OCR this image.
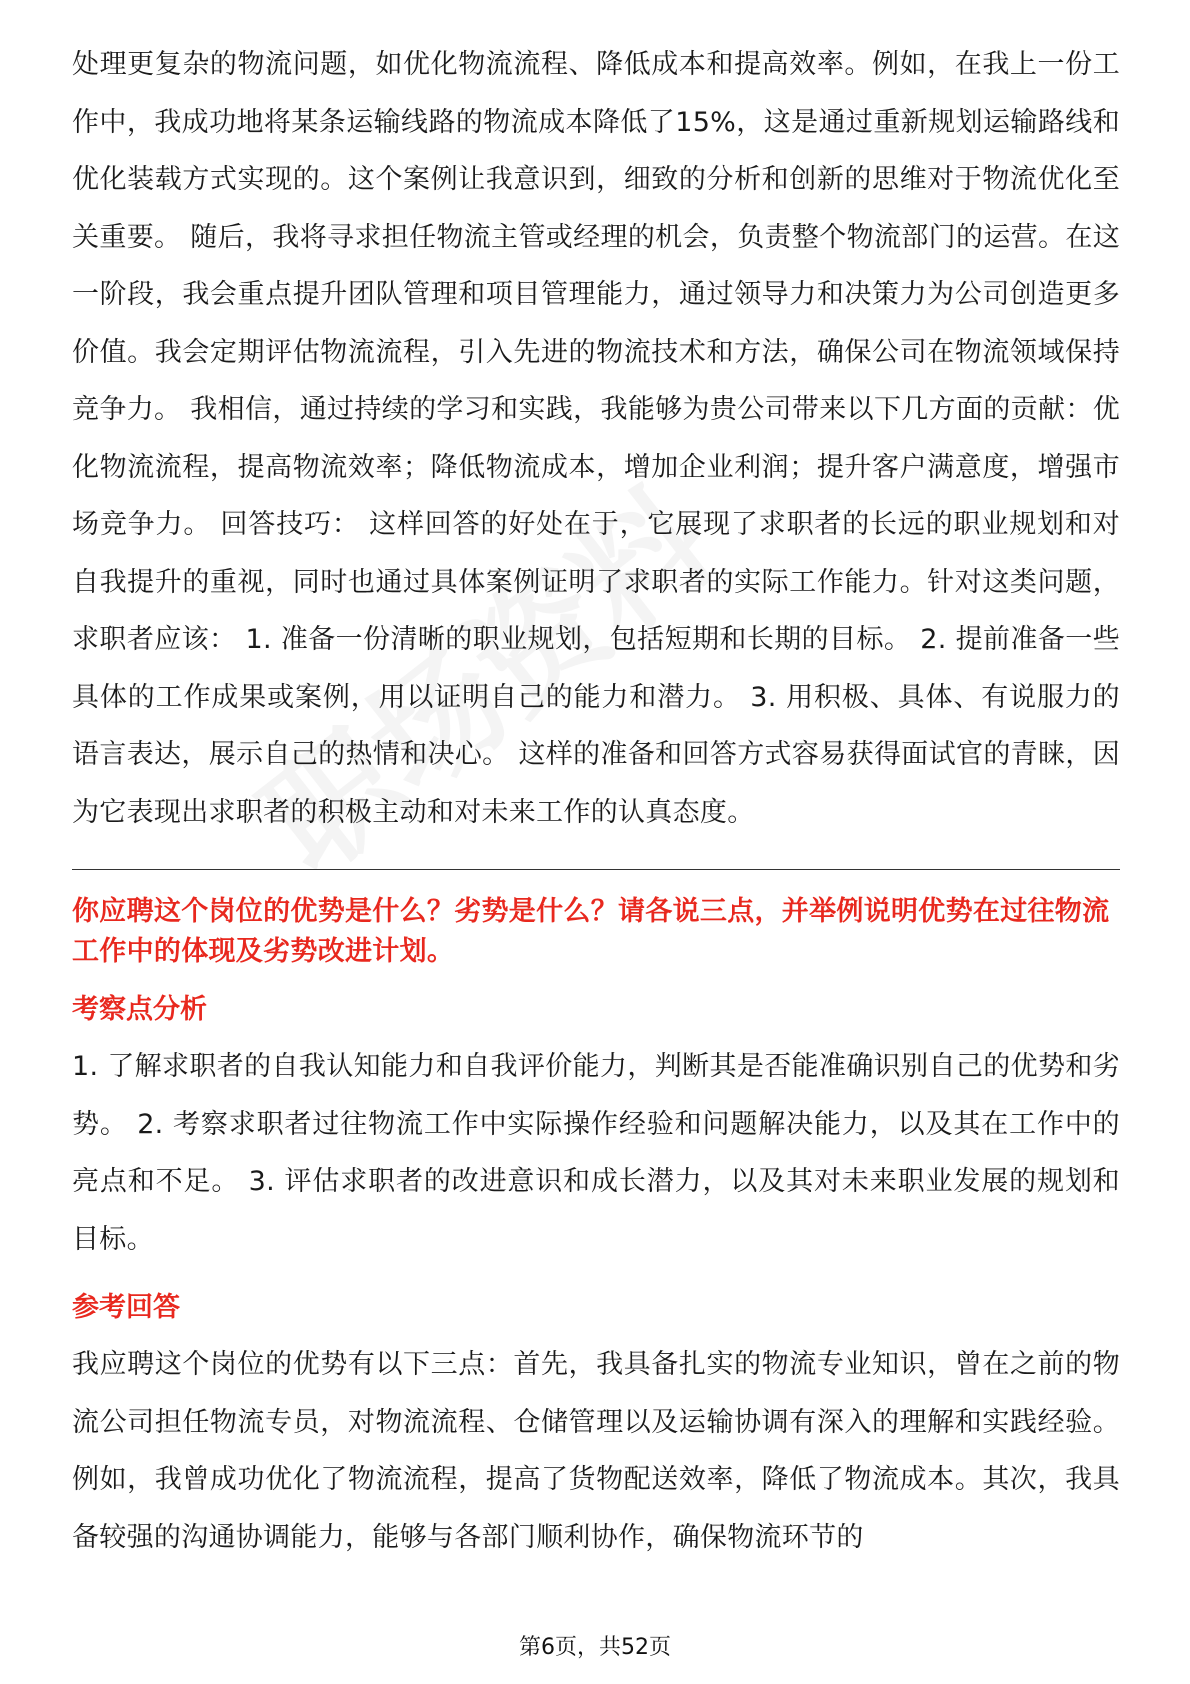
处理更复杂的物流问题，如优化物流流程、降低成本和提高效率。例如，在我上一份工作中，我成功地将某条运输线路的物流成本降低了15%，这是通过重新规划运输路线和优化装载方式实现的。这个案例让我意识到，细致的分析和创新的思维对于物流优化至关重要。 随后，我将寻求担任物流主管或经理的机会，负责整个物流部门的运营。在这一阶段，我会重点提升团队管理和项目管理能力，通过领导力和决策力为公司创造更多价值。我会定期评估物流流程，引入先进的物流技术和方法，确保公司在物流领域保持竞争力。 我相信，通过持续的学习和实践，我能够为贵公司带来以下几方面的贡献：优化物流流程，提高物流效率；降低物流成本，增加企业利润；提升客户满意度，增强市场竞争力。 回答技巧： 这样回答的好处在于，它展现了求职者的长远的职业规划和对自我提升的重视，同时也通过具体案例证明了求职者的实际工作能力。针对这类问题，求职者应该： 1. 准备一份清晰的职业规划，包括短期和长期的目标。 2. 提前准备一些具体的工作成果或案例，用以证明自己的能力和潜力。 3. 用积极、具体、有说服力的语言表达，展示自己的热情和决心。 这样的准备和回答方式容易获得面试官的青睐，因为它表现出求职者的积极主动和对未来工作的认真态度。

你应聘这个岗位的优势是什么？劣势是什么？请各说三点，并举例说明优势在过往物流工作中的体现及劣势改进计划。

考察点分析

1. 了解求职者的自我认知能力和自我评价能力，判断其是否能准确识别自己的优势和劣势。 2. 考察求职者过往物流工作中实际操作经验和问题解决能力，以及其在工作中的亮点和不足。 3. 评估求职者的改进意识和成长潜力，以及其对未来职业发展的规划和目标。

参考回答

我应聘这个岗位的优势有以下三点：首先，我具备扎实的物流专业知识，曾在之前的物流公司担任物流专员，对物流流程、仓储管理以及运输协调有深入的理解和实践经验。例如，我曾成功优化了物流流程，提高了货物配送效率，降低了物流成本。其次，我具备较强的沟通协调能力，能够与各部门顺利协作，确保物流环节的

第6页，共52页
